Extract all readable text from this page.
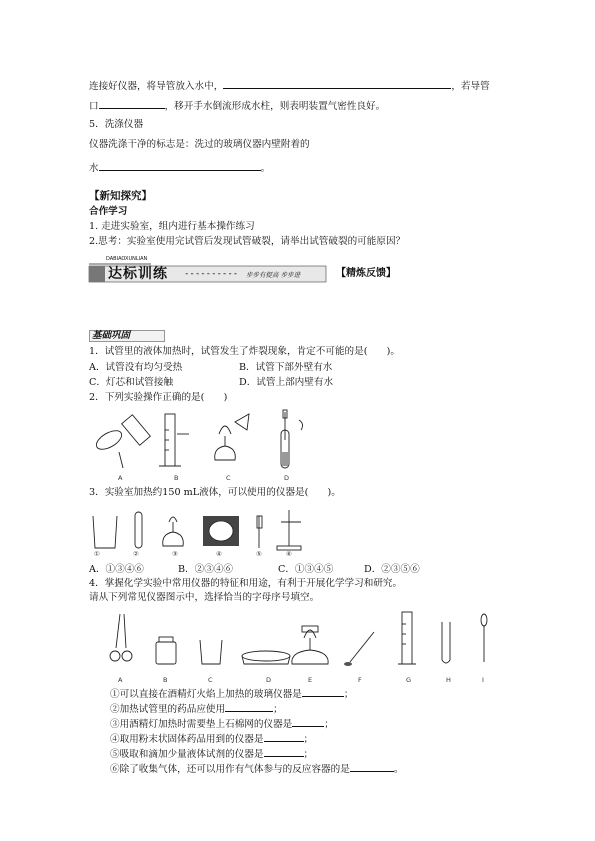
连接好仪器，将导管放入水中，	，若导管
口	，移开手水倒流形成水柱，则表明装置气密性良好。
5．洗涤仪器
仪器洗涤干净的标志是：洗过的玻璃仪器内壁附着的
水	。
【新知探究】
合作学习
1. 走进实验室，组内进行基本操作练习
2.思考：实验室使用完试管后发现试管破裂，请举出试管破裂的可能原因？
DABIAOXUNLIAN
达标训练 ---------- 步步有提高 步步进	【精炼反馈】
基础巩固
1．试管里的液体加热时，试管发生了炸裂现象，肯定不可能的是(　　)。
A．试管没有均匀受热	B．试管下部外壁有水
C．灯芯和试管接触	D．试管上部内壁有水
2．下列实验操作正确的是(　　)
A	B	C	D
3．实验室加热约150 mL液体，可以使用的仪器是(　　)。
①	②	③	④	⑤	⑥
A．①③④⑥	B．②③④⑥	C．①③④⑤	D．②③⑤⑥
4．掌握化学实验中常用仪器的特征和用途，有利于开展化学学习和研究。
请从下列常见仪器图示中，选择恰当的字母序号填空。
A	B	C	D	E	F	G	H	I
①可以直接在酒精灯火焰上加热的玻璃仪器是	；
②加热试管里的药品应使用	；
③用酒精灯加热时需要垫上石棉网的仪器是	；
④取用粉末状固体药品用到的仪器是	；
⑤吸取和滴加少量液体试剂的仪器是	；
⑥除了收集气体，还可以用作有气体参与的反应容器的是	。
